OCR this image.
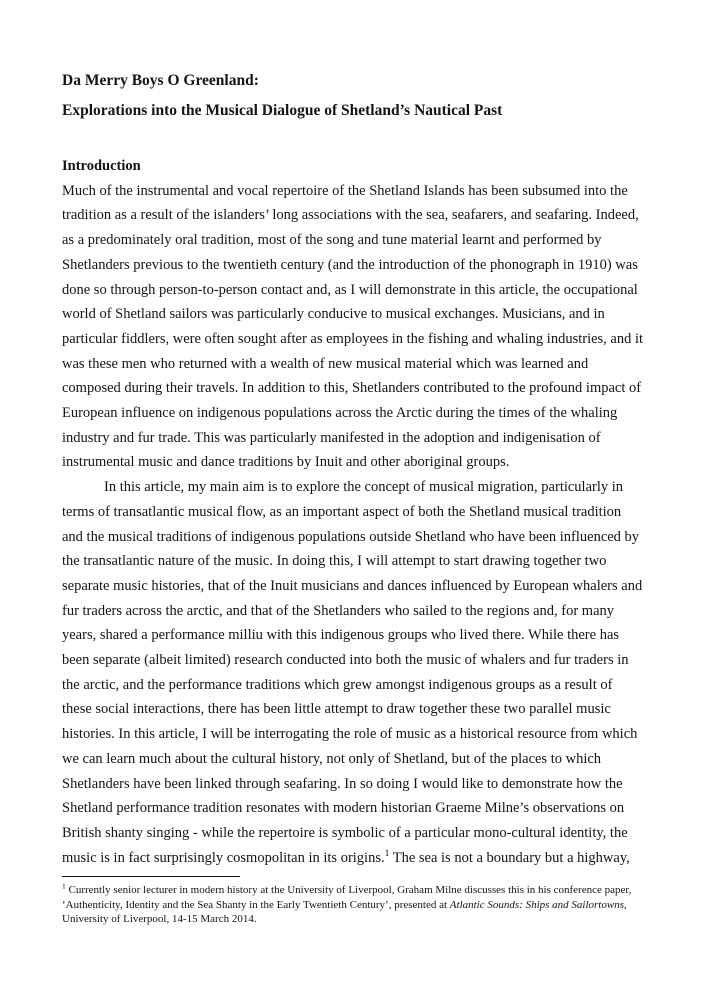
Da Merry Boys O Greenland:

Explorations into the Musical Dialogue of Shetland’s Nautical Past

Introduction

Much of the instrumental and vocal repertoire of the Shetland Islands has been subsumed into the tradition as a result of the islanders’ long associations with the sea, seafarers, and seafaring. Indeed, as a predominately oral tradition, most of the song and tune material learnt and performed by Shetlanders previous to the twentieth century (and the introduction of the phonograph in 1910) was done so through person-to-person contact and, as I will demonstrate in this article, the occupational world of Shetland sailors was particularly conducive to musical exchanges. Musicians, and in particular fiddlers, were often sought after as employees in the fishing and whaling industries, and it was these men who returned with a wealth of new musical material which was learned and composed during their travels. In addition to this, Shetlanders contributed to the profound impact of European influence on indigenous populations across the Arctic during the times of the whaling industry and fur trade. This was particularly manifested in the adoption and indigenisation of instrumental music and dance traditions by Inuit and other aboriginal groups.

In this article, my main aim is to explore the concept of musical migration, particularly in terms of transatlantic musical flow, as an important aspect of both the Shetland musical tradition and the musical traditions of indigenous populations outside Shetland who have been influenced by the transatlantic nature of the music. In doing this, I will attempt to start drawing together two separate music histories, that of the Inuit musicians and dances influenced by European whalers and fur traders across the arctic, and that of the Shetlanders who sailed to the regions and, for many years, shared a performance milliu with this indigenous groups who lived there. While there has been separate (albeit limited) research conducted into both the music of whalers and fur traders in the arctic, and the performance traditions which grew amongst indigenous groups as a result of these social interactions, there has been little attempt to draw together these two parallel music histories. In this article, I will be interrogating the role of music as a historical resource from which we can learn much about the cultural history, not only of Shetland, but of the places to which Shetlanders have been linked through seafaring. In so doing I would like to demonstrate how the Shetland performance tradition resonates with modern historian Graeme Milne’s observations on British shanty singing - while the repertoire is symbolic of a particular mono-cultural identity, the music is in fact surprisingly cosmopolitan in its origins.$^1$ The sea is not a boundary but a highway,

$^1$ Currently senior lecturer in modern history at the University of Liverpool, Graham Milne discusses this in his conference paper, ‘Authenticity, Identity and the Sea Shanty in the Early Twentieth Century’, presented at Atlantic Sounds: Ships and Sailortowns, University of Liverpool, 14-15 March 2014.
